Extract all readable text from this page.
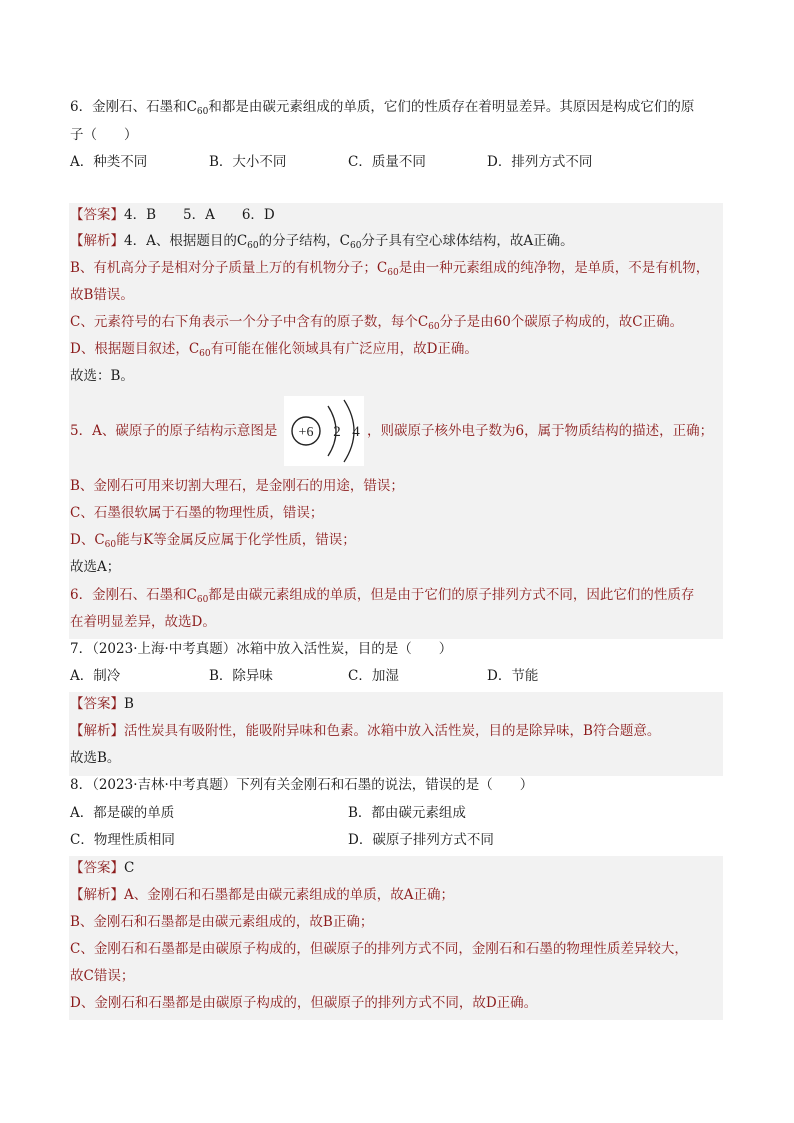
6．金刚石、石墨和$C_{60}$和都是由碳元素组成的单质，它们的性质存在着明显差异。其原因是构成它们的原
子（　　）
A．种类不同	B．大小不同	C．质量不同	D．排列方式不同
【答案】4．B　　5．A　　6．D
【解析】4．A、根据题目的$C_{60}$的分子结构，$C_{60}$分子具有空心球体结构，故A正确。
B、有机高分子是相对分子质量上万的有机物分子；$C_{60}$是由一种元素组成的纯净物，是单质，不是有机物，
故B错误。
C、元素符号的右下角表示一个分子中含有的原子数，每个$C_{60}$分子是由60个碳原子构成的，故C正确。
D、根据题目叙述，$C_{60}$有可能在催化领域具有广泛应用，故D正确。
故选：B。
5．A、碳原子的原子结构示意图是 +6 2 4 ，则碳原子核外电子数为6，属于物质结构的描述，正确；
B、金刚石可用来切割大理石，是金刚石的用途，错误；
C、石墨很软属于石墨的物理性质，错误；
D、$C_{60}$能与K等金属反应属于化学性质，错误；
故选A；
6．金刚石、石墨和$C_{60}$都是由碳元素组成的单质，但是由于它们的原子排列方式不同，因此它们的性质存
在着明显差异，故选D。
7．（2023·上海·中考真题）冰箱中放入活性炭，目的是（　　）
A．制冷	B．除异味	C．加湿	D．节能
【答案】B
【解析】活性炭具有吸附性，能吸附异味和色素。冰箱中放入活性炭，目的是除异味，B符合题意。
故选B。
8．（2023·吉林·中考真题）下列有关金刚石和石墨的说法，错误的是（　　）
A．都是碳的单质	B．都由碳元素组成
C．物理性质相同	D．碳原子排列方式不同
【答案】C
【解析】A、金刚石和石墨都是由碳元素组成的单质，故A正确；
B、金刚石和石墨都是由碳元素组成的，故B正确；
C、金刚石和石墨都是由碳原子构成的，但碳原子的排列方式不同，金刚石和石墨的物理性质差异较大，
故C错误；
D、金刚石和石墨都是由碳原子构成的，但碳原子的排列方式不同，故D正确。
